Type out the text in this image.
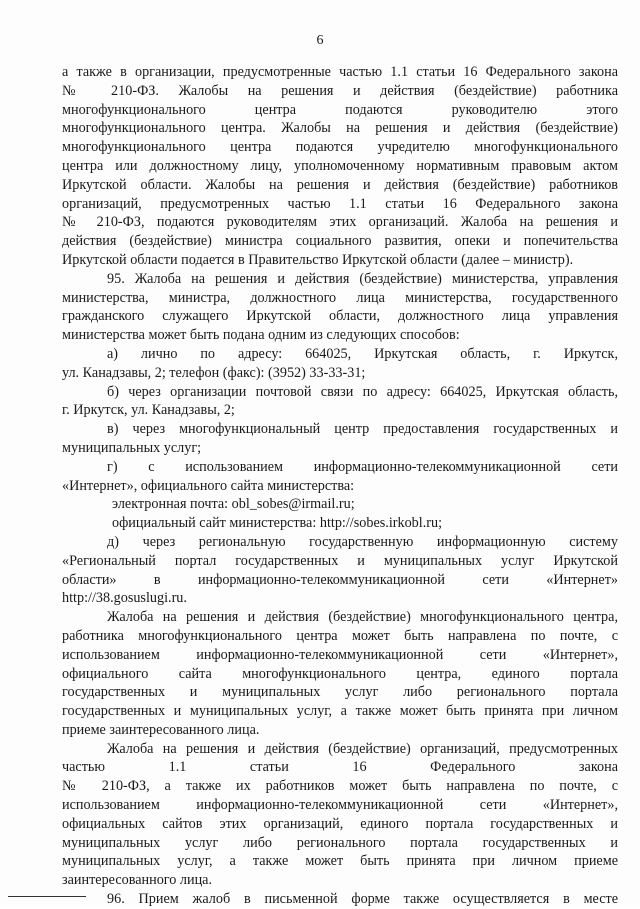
6
а также в организации, предусмотренные частью 1.1 статьи 16 Федерального закона
№ 210-ФЗ. Жалобы на решения и действия (бездействие) работника
многофункционального центра подаются руководителю этого
многофункционального центра. Жалобы на решения и действия (бездействие)
многофункционального центра подаются учредителю многофункционального
центра или должностному лицу, уполномоченному нормативным правовым актом
Иркутской области. Жалобы на решения и действия (бездействие) работников
организаций, предусмотренных частью 1.1 статьи 16 Федерального закона
№ 210-ФЗ, подаются руководителям этих организаций. Жалоба на решения и
действия (бездействие) министра социального развития, опеки и попечительства
Иркутской области подается в Правительство Иркутской области (далее – министр).
95. Жалоба на решения и действия (бездействие) министерства, управления
министерства, министра, должностного лица министерства, государственного
гражданского служащего Иркутской области, должностного лица управления
министерства может быть подана одним из следующих способов:
а) лично по адресу: 664025, Иркутская область, г. Иркутск,
ул. Канадзавы, 2; телефон (факс): (3952) 33-33-31;
б) через организации почтовой связи по адресу: 664025, Иркутская область,
г. Иркутск, ул. Канадзавы, 2;
в) через многофункциональный центр предоставления государственных и
муниципальных услуг;
г) с использованием информационно-телекоммуникационной сети
«Интернет», официального сайта министерства:
электронная почта: obl_sobes@irmail.ru;
официальный сайт министерства: http://sobes.irkobl.ru;
д) через региональную государственную информационную систему
«Региональный портал государственных и муниципальных услуг Иркутской
области» в информационно-телекоммуникационной сети «Интернет»
http://38.gosuslugi.ru.
Жалоба на решения и действия (бездействие) многофункционального центра,
работника многофункционального центра может быть направлена по почте, с
использованием информационно-телекоммуникационной сети «Интернет»,
официального сайта многофункционального центра, единого портала
государственных и муниципальных услуг либо регионального портала
государственных и муниципальных услуг, а также может быть принята при личном
приеме заинтересованного лица.
Жалоба на решения и действия (бездействие) организаций, предусмотренных
частью 1.1 статьи 16 Федерального закона
№ 210-ФЗ, а также их работников может быть направлена по почте, с
использованием информационно-телекоммуникационной сети «Интернет»,
официальных сайтов этих организаций, единого портала государственных и
муниципальных услуг либо регионального портала государственных и
муниципальных услуг, а также может быть принята при личном приеме
заинтересованного лица.
96. Прием жалоб в письменной форме также осуществляется в месте
